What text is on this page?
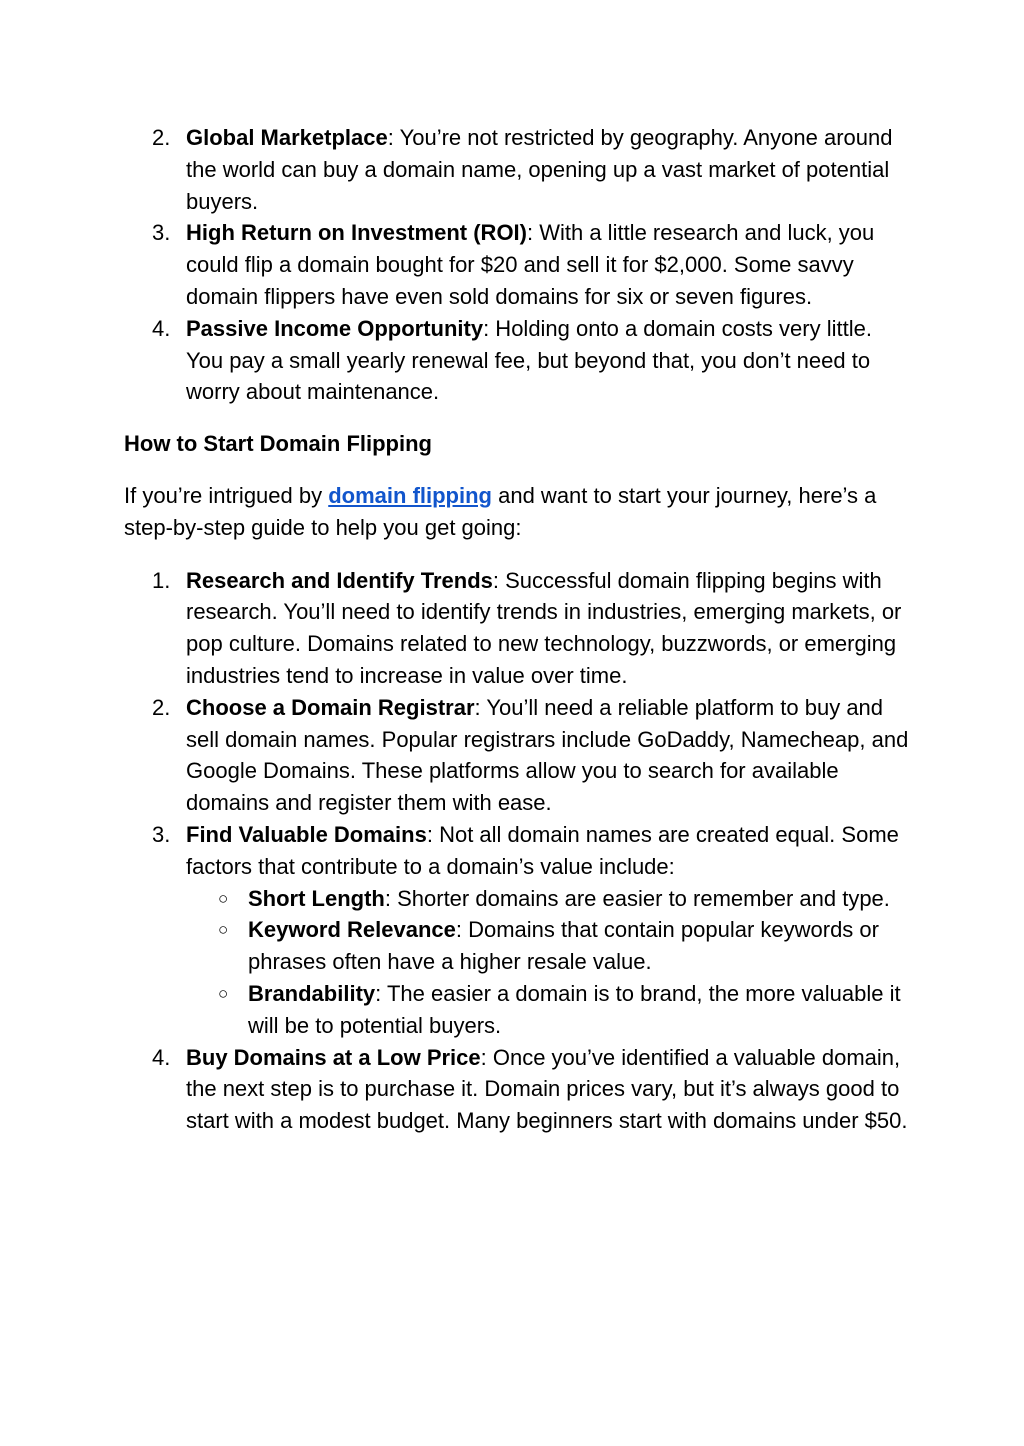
2. Global Marketplace: You’re not restricted by geography. Anyone around the world can buy a domain name, opening up a vast market of potential buyers.
3. High Return on Investment (ROI): With a little research and luck, you could flip a domain bought for $20 and sell it for $2,000. Some savvy domain flippers have even sold domains for six or seven figures.
4. Passive Income Opportunity: Holding onto a domain costs very little. You pay a small yearly renewal fee, but beyond that, you don’t need to worry about maintenance.
How to Start Domain Flipping

If you’re intrigued by domain flipping and want to start your journey, here’s a step-by-step guide to help you get going:

1. Research and Identify Trends: Successful domain flipping begins with research. You’ll need to identify trends in industries, emerging markets, or pop culture. Domains related to new technology, buzzwords, or emerging industries tend to increase in value over time.
2. Choose a Domain Registrar: You’ll need a reliable platform to buy and sell domain names. Popular registrars include GoDaddy, Namecheap, and Google Domains. These platforms allow you to search for available domains and register them with ease.
3. Find Valuable Domains: Not all domain names are created equal. Some factors that contribute to a domain’s value include:
○ Short Length: Shorter domains are easier to remember and type.
○ Keyword Relevance: Domains that contain popular keywords or phrases often have a higher resale value.
○ Brandability: The easier a domain is to brand, the more valuable it will be to potential buyers.
4. Buy Domains at a Low Price: Once you’ve identified a valuable domain, the next step is to purchase it. Domain prices vary, but it’s always good to start with a modest budget. Many beginners start with domains under $50.
